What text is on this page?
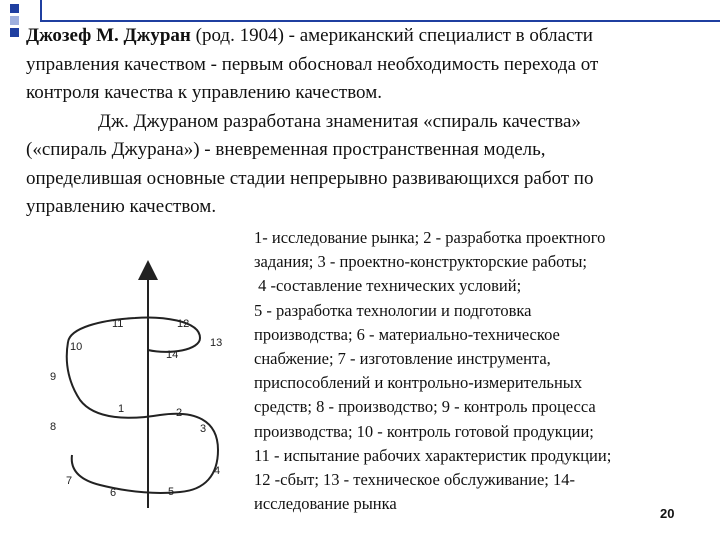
Джозеф М. Джуран (род. 1904) - американский специалист в области

управления качеством - первым обосновал необходимость перехода от

контроля качества к управлению качеством.

Дж. Джураном разработана знаменитая «спираль качества»

(«спираль Джурана») - вневременная пространственная модель,

определившая основные стадии непрерывно развивающихся работ по

управлению качеством.

11	12
13
14
10
9
8
1	2
3
4
5
6
7
1- исследование рынка; 2 - разработка проектного
задания; 3 - проектно-конструкторские работы;
4 -составление технических условий;
5 - разработка технологии и подготовка
производства; 6 - материально-техническое
снабжение; 7 - изготовление инструмента,
приспособлений и контрольно-измерительных
средств; 8 - производство; 9 - контроль процесса
производства; 10 - контроль готовой продукции;
11 - испытание рабочих характеристик продукции;
12 -сбыт; 13 - техническое обслуживание; 14-
исследование рынка
20
